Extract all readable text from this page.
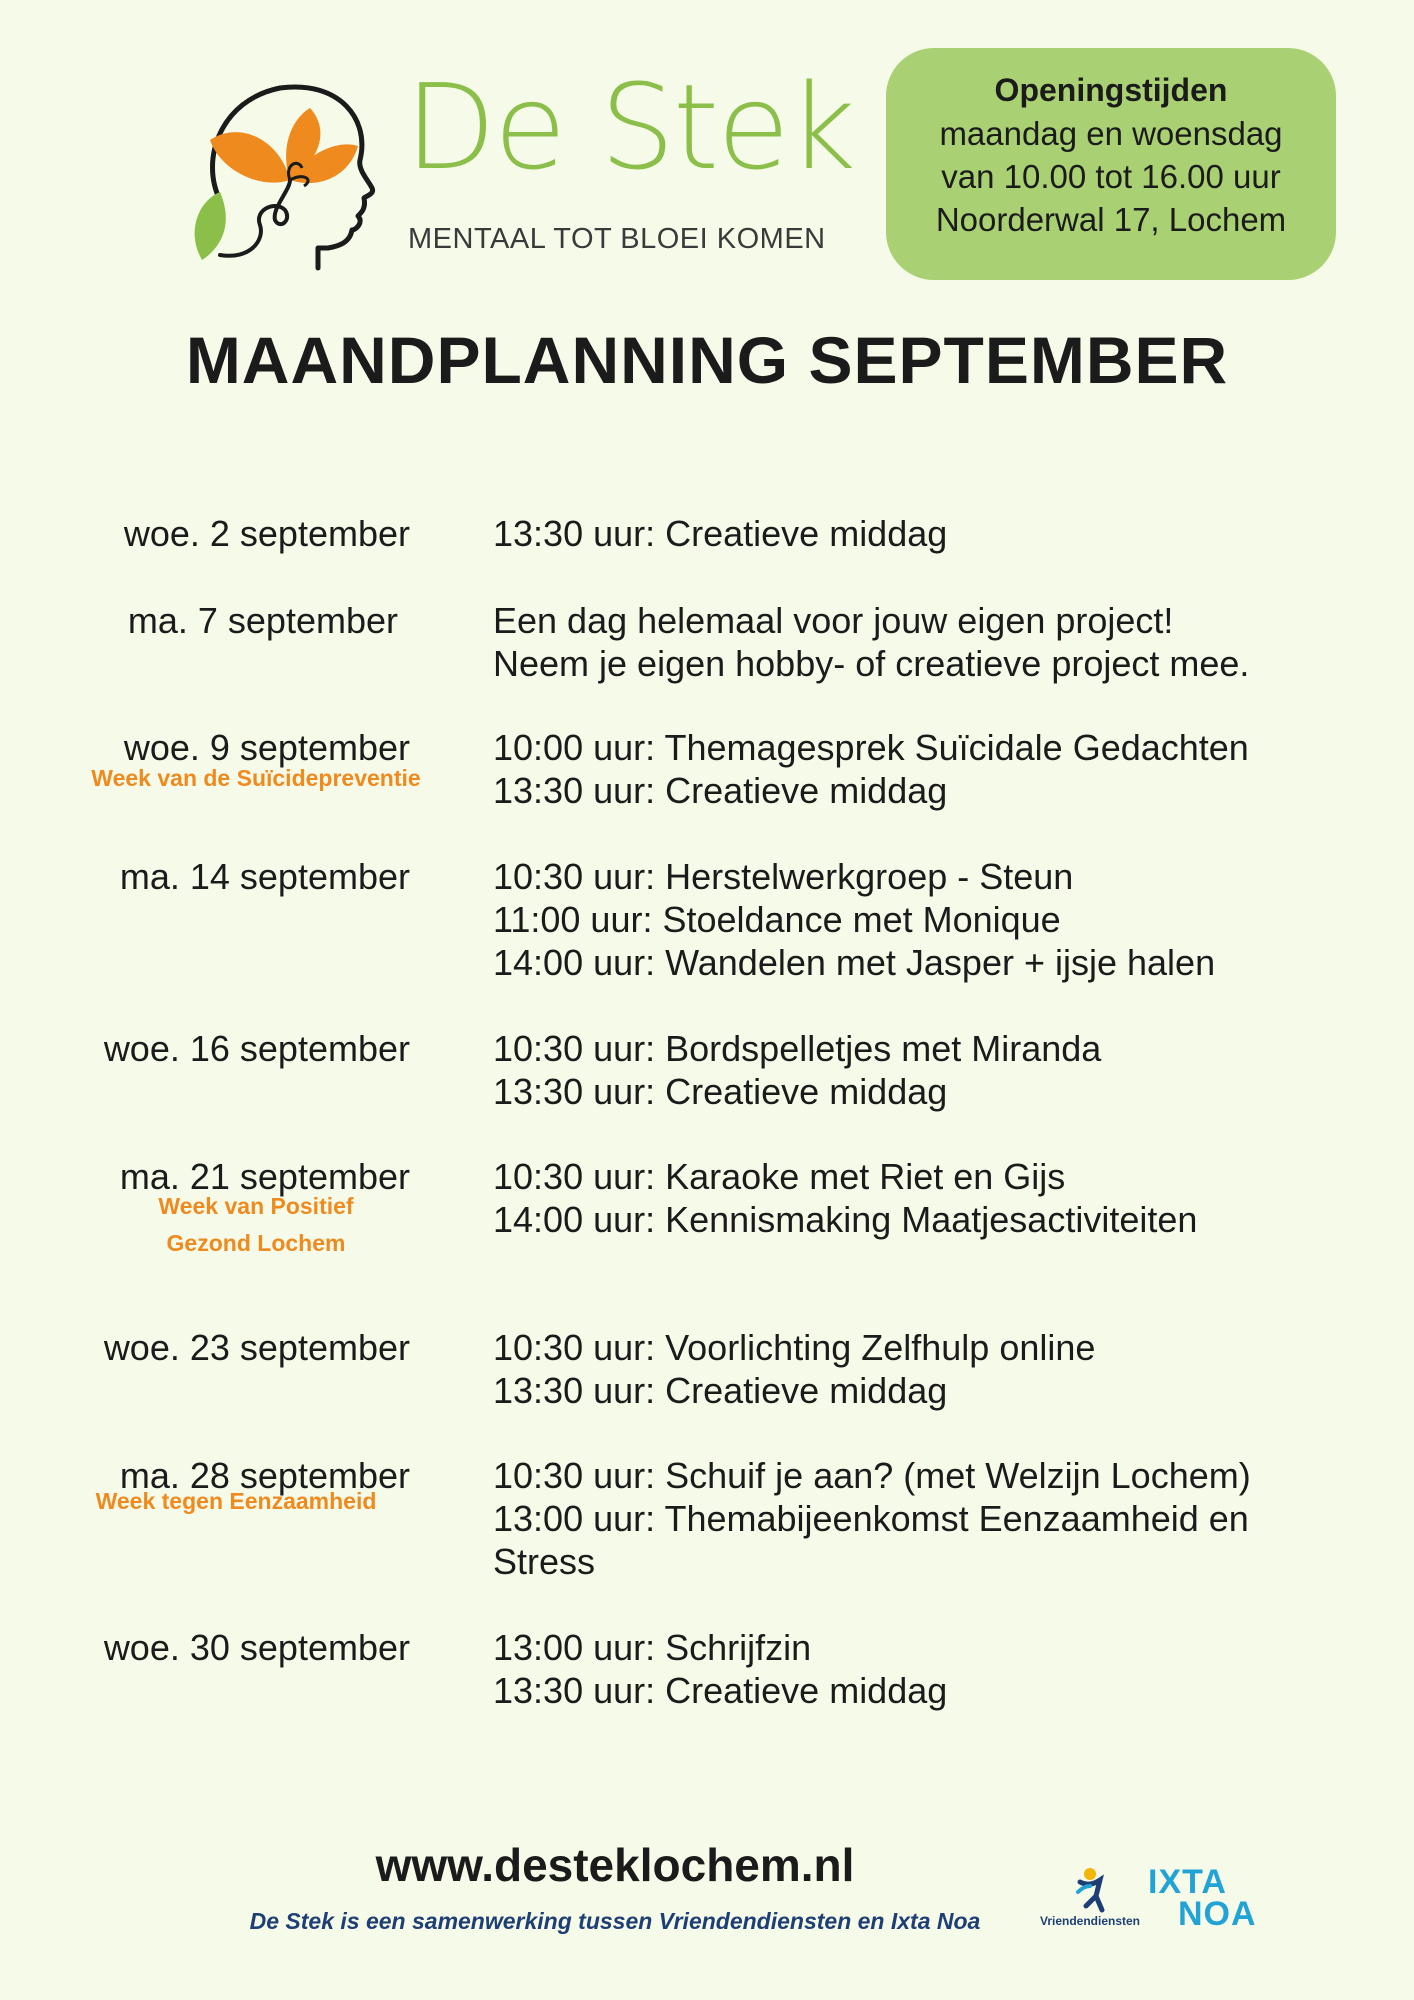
De Stek
MENTAAL TOT BLOEI KOMEN
Openingstijden
maandag en woensdag
van 10.00 tot 16.00 uur
Noorderwal 17, Lochem
MAANDPLANNING SEPTEMBER
woe. 2 september 13:30 uur: Creatieve middag
ma. 7 september	Een dag helemaal voor jouw eigen project!
Neem je eigen hobby- of creatieve project mee.
woe. 9 september
Week van de Suïcidepreventie
10:00 uur: Themagesprek Suïcidale Gedachten
13:30 uur: Creatieve middag
ma. 14 september 10:30 uur: Herstelwerkgroep - Steun
11:00 uur: Stoeldance met Monique
14:00 uur: Wandelen met Jasper + ijsje halen
woe. 16 september 10:30 uur: Bordspelletjes met Miranda
13:30 uur: Creatieve middag
ma. 21 september
Week van Positief
Gezond Lochem
10:30 uur: Karaoke met Riet en Gijs
14:00 uur: Kennismaking Maatjesactiviteiten
woe. 23 september 10:30 uur: Voorlichting Zelfhulp online
13:30 uur: Creatieve middag
ma. 28 september
Week tegen Eenzaamheid
10:30 uur: Schuif je aan? (met Welzijn Lochem)
13:00 uur: Themabijeenkomst Eenzaamheid en
Stress
woe. 30 september 13:00 uur: Schrijfzin
13:30 uur: Creatieve middag
www.desteklochem.nl
De Stek is een samenwerking tussen Vriendendiensten en Ixta Noa	Vriendendiensten
IXTA
NOA
